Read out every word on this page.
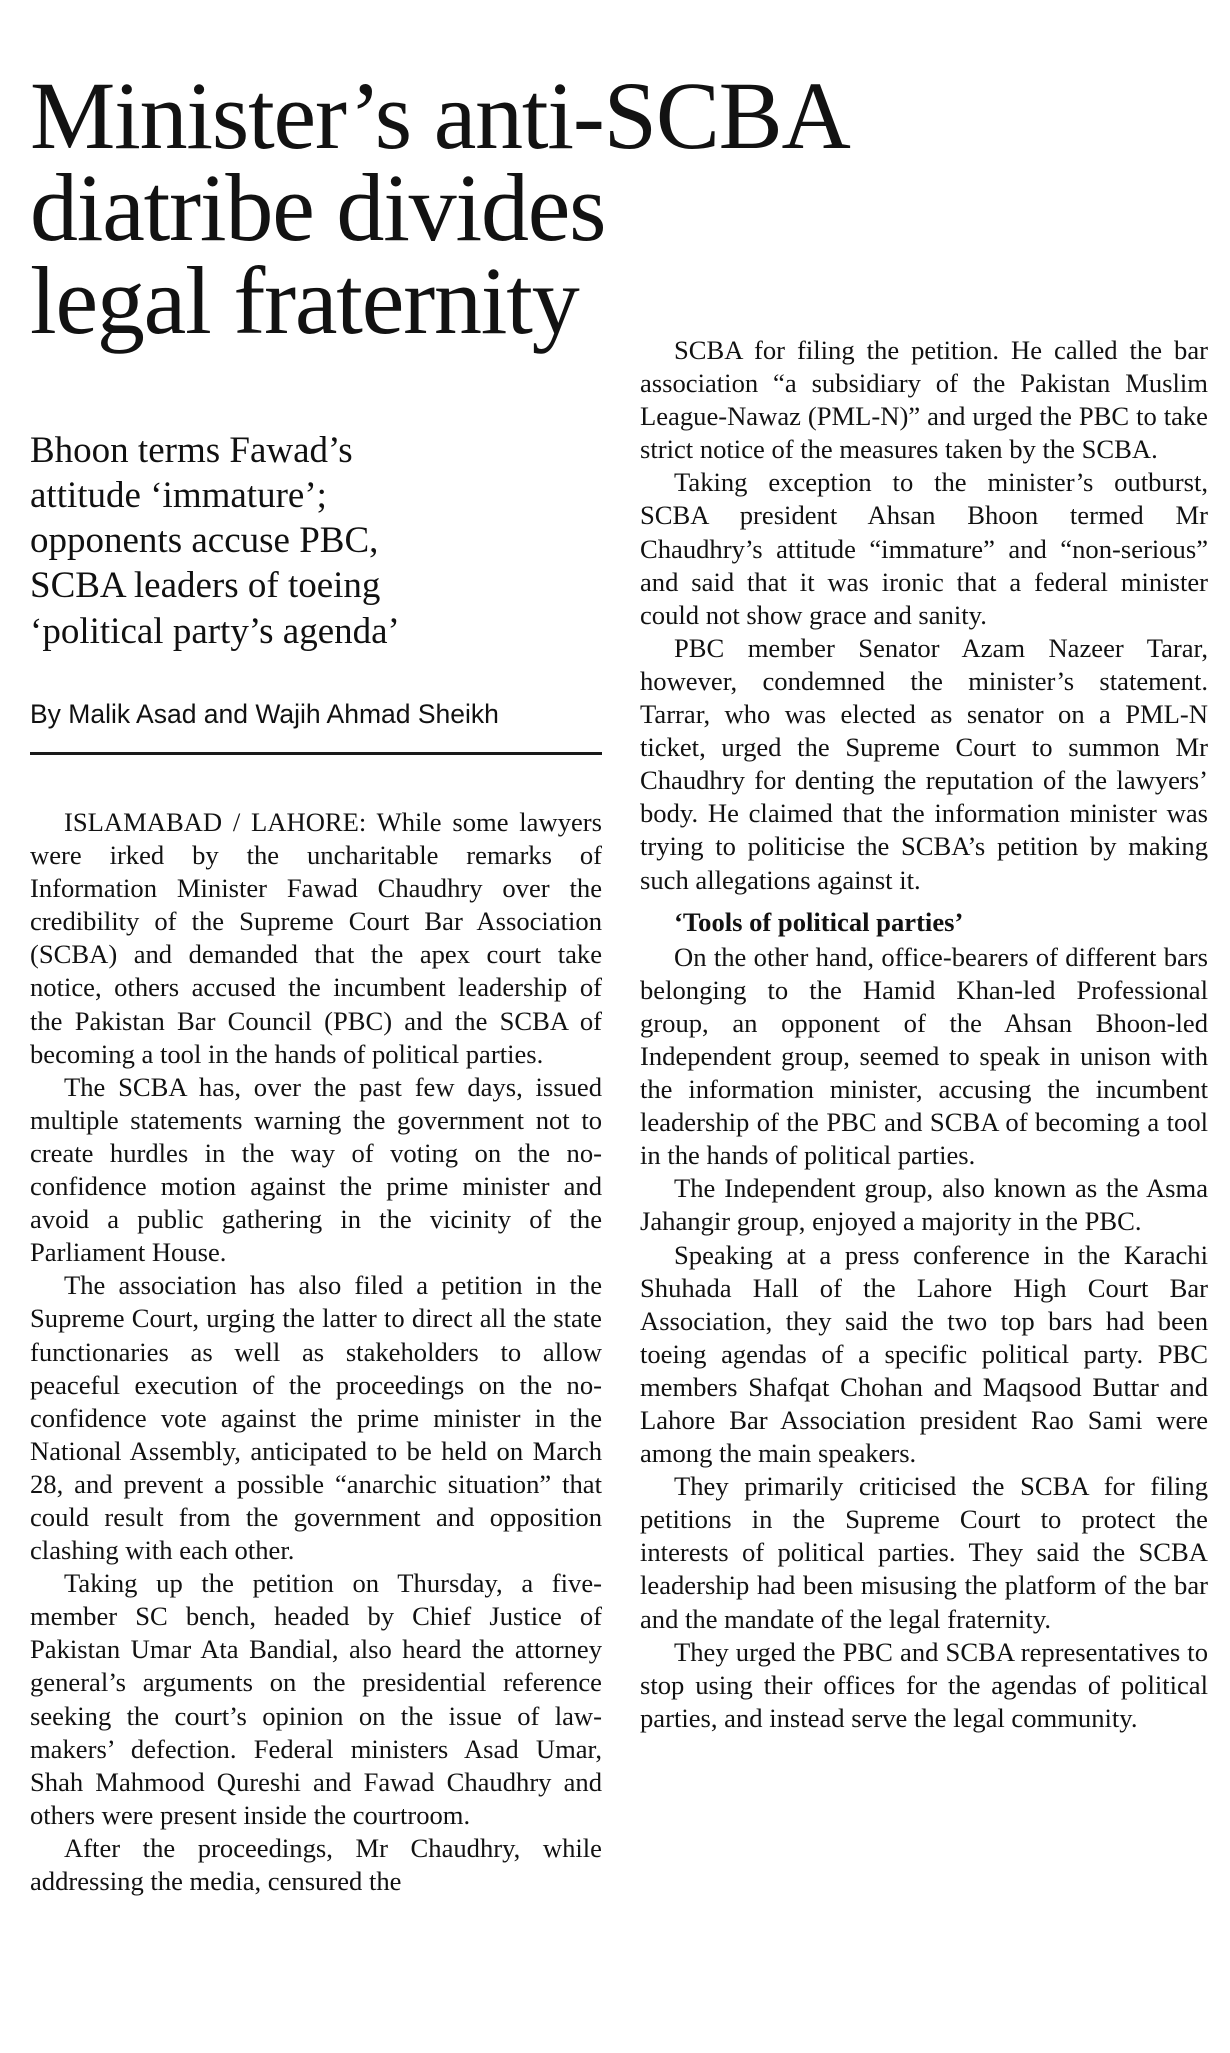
Minister’s anti-SCBA
diatribe divides
legal fraternity
Bhoon terms Fawad’s
attitude ‘immature’;
opponents accuse PBC,
SCBA leaders of toeing
‘political party’s agenda’
By Malik Asad and Wajih Ahmad Sheikh

ISLAMABAD / LAHORE: While some lawyers were irked by the uncharitable remarks of Information Minister Fawad Chaudhry over the credibility of the Supreme Court Bar Association (SCBA) and demanded that the apex court take notice, others accused the incumbent leadership of the Pakistan Bar Council (PBC) and the SCBA of becoming a tool in the hands of political parties.

The SCBA has, over the past few days, issued multiple statements warning the government not to create hurdles in the way of voting on the no-confidence motion against the prime minister and avoid a public gathering in the vicinity of the Parliament House.

The association has also filed a petition in the Supreme Court, urging the latter to direct all the state functionaries as well as stakeholders to allow peaceful execution of the proceedings on the no-confidence vote against the prime minister in the National Assembly, anticipated to be held on March 28, and prevent a possible “anarchic situation” that could result from the government and opposition clashing with each other.

Taking up the petition on Thursday, a five-member SC bench, headed by Chief Justice of Pakistan Umar Ata Bandial, also heard the attorney general’s arguments on the presidential reference seeking the court’s opinion on the issue of lawmakers’ defection. Federal ministers Asad Umar, Shah Mahmood Qureshi and Fawad Chaudhry and others were present inside the courtroom.

After the proceedings, Mr Chaudhry, while addressing the media, censured the

SCBA for filing the petition. He called the bar association “a subsidiary of the Pakistan Muslim League-Nawaz (PML-N)” and urged the PBC to take strict notice of the measures taken by the SCBA.

Taking exception to the minister’s outburst, SCBA president Ahsan Bhoon termed Mr Chaudhry’s attitude “immature” and “non-serious” and said that it was ironic that a federal minister could not show grace and sanity.

PBC member Senator Azam Nazeer Tarar, however, condemned the minister’s statement. Tarrar, who was elected as senator on a PML-N ticket, urged the Supreme Court to summon Mr Chaudhry for denting the reputation of the lawyers’ body. He claimed that the information minister was trying to politicise the SCBA’s petition by making such allegations against it.

‘Tools of political parties’

On the other hand, office-bearers of different bars belonging to the Hamid Khan-led Professional group, an opponent of the Ahsan Bhoon-led Independent group, seemed to speak in unison with the information minister, accusing the incumbent leadership of the PBC and SCBA of becoming a tool in the hands of political parties.

The Independent group, also known as the Asma Jahangir group, enjoyed a majority in the PBC.

Speaking at a press conference in the Karachi Shuhada Hall of the Lahore High Court Bar Association, they said the two top bars had been toeing agendas of a specific political party. PBC members Shafqat Chohan and Maqsood Buttar and Lahore Bar Association president Rao Sami were among the main speakers.

They primarily criticised the SCBA for filing petitions in the Supreme Court to protect the interests of political parties. They said the SCBA leadership had been misusing the platform of the bar and the mandate of the legal fraternity.

They urged the PBC and SCBA representatives to stop using their offices for the agendas of political parties, and instead serve the legal community.
